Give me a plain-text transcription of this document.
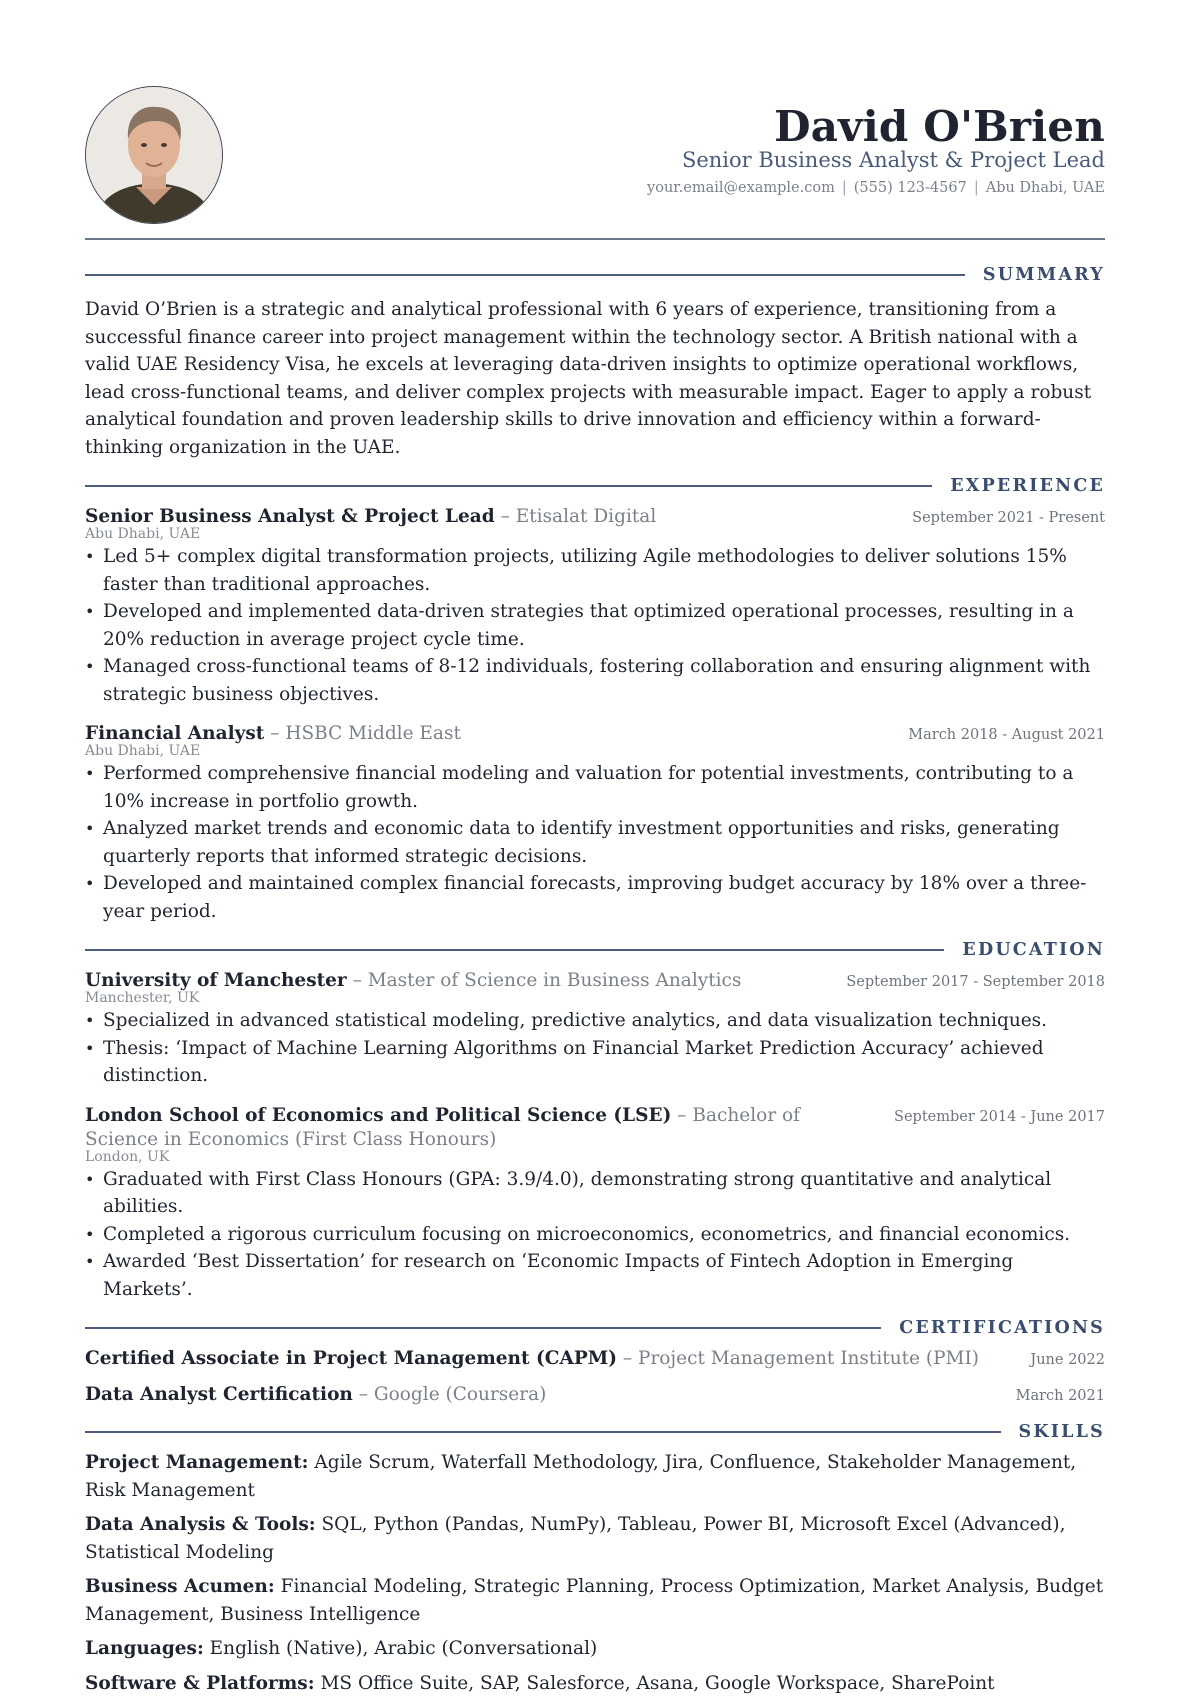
David O'Brien
Senior Business Analyst & Project Lead
your.email@example.com | (555) 123-4567 | Abu Dhabi, UAE
SUMMARY
David O’Brien is a strategic and analytical professional with 6 years of experience, transitioning from a successful finance career into project management within the technology sector. A British national with a valid UAE Residency Visa, he excels at leveraging data-driven insights to optimize operational workflows, lead cross-functional teams, and deliver complex projects with measurable impact. Eager to apply a robust analytical foundation and proven leadership skills to drive innovation and efficiency within a forward-thinking organization in the UAE.
EXPERIENCE
Senior Business Analyst & Project Lead – Etisalat Digital	September 2021 - Present
Abu Dhabi, UAE
• Led 5+ complex digital transformation projects, utilizing Agile methodologies to deliver solutions 15% faster than traditional approaches.
• Developed and implemented data-driven strategies that optimized operational processes, resulting in a 20% reduction in average project cycle time.
• Managed cross-functional teams of 8-12 individuals, fostering collaboration and ensuring alignment with strategic business objectives.
Financial Analyst – HSBC Middle East	March 2018 - August 2021
Abu Dhabi, UAE
• Performed comprehensive financial modeling and valuation for potential investments, contributing to a 10% increase in portfolio growth.
• Analyzed market trends and economic data to identify investment opportunities and risks, generating quarterly reports that informed strategic decisions.
• Developed and maintained complex financial forecasts, improving budget accuracy by 18% over a three-year period.
EDUCATION
University of Manchester – Master of Science in Business Analytics	September 2017 - September 2018
Manchester, UK
• Specialized in advanced statistical modeling, predictive analytics, and data visualization techniques.
• Thesis: ‘Impact of Machine Learning Algorithms on Financial Market Prediction Accuracy’ achieved distinction.
London School of Economics and Political Science (LSE) – Bachelor of Science in Economics (First Class Honours)
September 2014 - June 2017
London, UK
• Graduated with First Class Honours (GPA: 3.9/4.0), demonstrating strong quantitative and analytical abilities.
• Completed a rigorous curriculum focusing on microeconomics, econometrics, and financial economics.
• Awarded ‘Best Dissertation’ for research on ‘Economic Impacts of Fintech Adoption in Emerging Markets’.
CERTIFICATIONS
Certified Associate in Project Management (CAPM) – Project Management Institute (PMI)	June 2022
Data Analyst Certification – Google (Coursera)	March 2021
SKILLS
Project Management: Agile Scrum, Waterfall Methodology, Jira, Confluence, Stakeholder Management, Risk Management
Data Analysis & Tools: SQL, Python (Pandas, NumPy), Tableau, Power BI, Microsoft Excel (Advanced), Statistical Modeling
Business Acumen: Financial Modeling, Strategic Planning, Process Optimization, Market Analysis, Budget Management, Business Intelligence
Languages: English (Native), Arabic (Conversational)
Software & Platforms: MS Office Suite, SAP, Salesforce, Asana, Google Workspace, SharePoint
